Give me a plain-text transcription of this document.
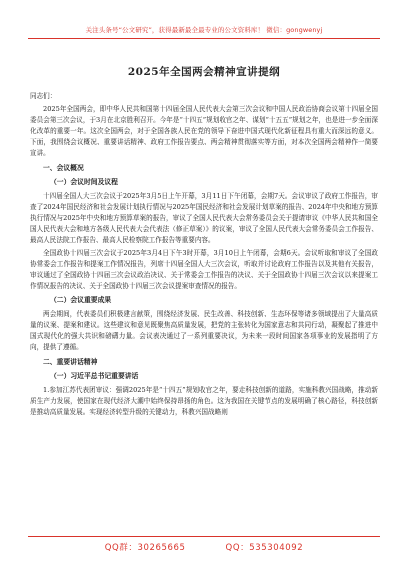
关注头条号“公文研究”，获得最新最全最专业的公文资料库！ 微信：gongwenyj
2025年全国两会精神宣讲提纲
同志们：

2025年全国两会，即中华人民共和国第十四届全国人民代表大会第三次会议和中国人民政治协商会议第十四届全国委员会第三次会议，于3月在北京胜利召开。今年是“十四五”规划收官之年、谋划“十五五”规划之年，也是进一步全面深化改革的重要一年。这次全国两会，对于全国各族人民在党的领导下奋进中国式现代化新征程具有重大而深远的意义。下面，我围绕会议概况、重要讲话精神、政府工作报告要点、两会精神贯彻落实等方面，对本次全国两会精神作一简要宣讲。

一、会议概况
（一）会议时间及议程

十四届全国人大三次会议于2025年3月5日上午开幕，3月11日下午闭幕，会期7天。会议审议了政府工作报告，审查了2024年国民经济和社会发展计划执行情况与2025年国民经济和社会发展计划草案的报告、2024年中央和地方预算执行情况与2025年中央和地方预算草案的报告，审议了全国人民代表大会常务委员会关于提请审议《中华人民共和国全国人民代表大会和地方各级人民代表大会代表法（修正草案）》的议案，审议了全国人民代表大会常务委员会工作报告、最高人民法院工作报告、最高人民检察院工作报告等重要内容。

全国政协十四届三次会议于2025年3月4日下午3时开幕，3月10日上午闭幕，会期6天。会议听取和审议了全国政协常委会工作报告和提案工作情况报告，列席十四届全国人大三次会议，听取并讨论政府工作报告以及其他有关报告，审议通过了全国政协十四届三次会议政治决议、关于常委会工作报告的决议、关于全国政协十四届三次会议以来提案工作情况报告的决议、关于全国政协十四届三次会议提案审查情况的报告。

（二）会议重要成果

两会期间，代表委员们积极建言献策，围绕经济发展、民生改善、科技创新、生态环保等诸多领域提出了大量高质量的议案、提案和建议。这些建议和意见既聚焦高质量发展，把党的主张转化为国家意志和共同行动，凝聚起了推进中国式现代化的强大共识和磅礴力量。会议表决通过了一系列重要决议，为未来一段时间国家各项事业的发展指明了方向，提供了遵循。

二、重要讲话精神
（一）习近平总书记重要讲话

1.参加江苏代表团审议：强调2025年是“十四五”规划收官之年，要走科技创新的道路，实施科教兴国战略，推动新质生产力发展，使国家在现代经济大潮中始终保持昂扬的角色。这为我国在关键节点的发展明确了核心路径，科技创新是推动高质量发展。实现经济转型升级的关键动力，科教兴国战略则

QQ群：30265665	QQ：535304092
